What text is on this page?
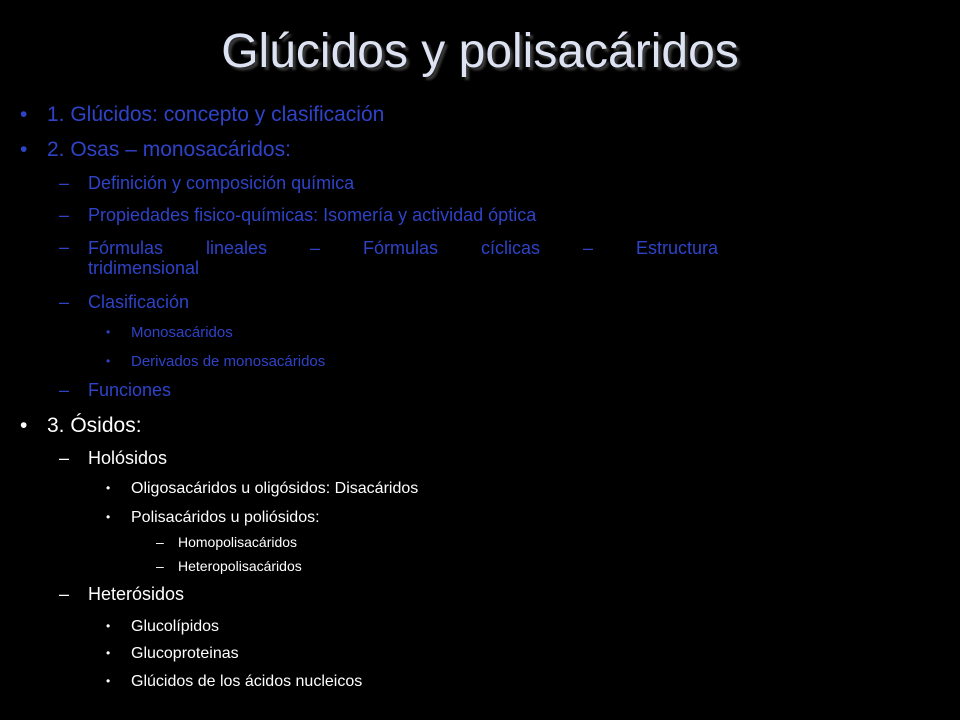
Glúcidos y polisacáridos
• 1. Glúcidos: concepto y clasificación
• 2. Osas – monosacáridos:
– Definición y composición química
– Propiedades fisico-químicas: Isomería y actividad óptica
– Fórmulas lineales – Fórmulas cíclicas – Estructura
tridimensional
– Clasificación
• Monosacáridos
• Derivados de monosacáridos
– Funciones
• 3. Ósidos:
– Holósidos
• Oligosacáridos u oligósidos: Disacáridos
• Polisacáridos u poliósidos:
– Homopolisacáridos
– Heteropolisacáridos
– Heterósidos
• Glucolípidos
• Glucoproteinas
• Glúcidos de los ácidos nucleicos
